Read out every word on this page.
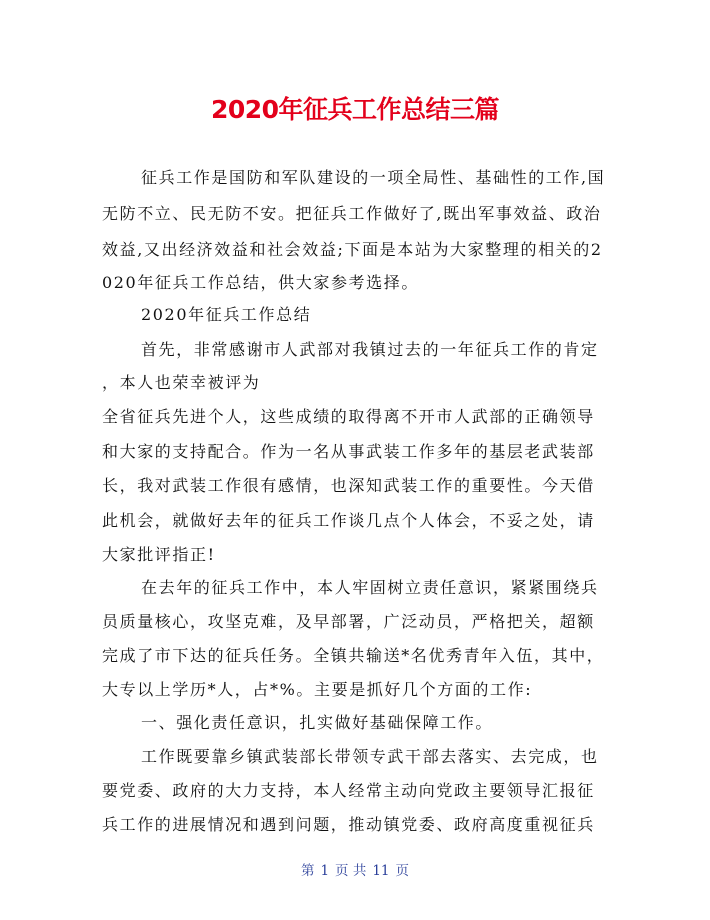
2020年征兵工作总结三篇
征兵工作是国防和军队建设的一项全局性、基础性的工作,国
无防不立、民无防不安。把征兵工作做好了,既出军事效益、政治
效益,又出经济效益和社会效益;下面是本站为大家整理的相关的2
020年征兵工作总结，供大家参考选择。
2020年征兵工作总结
首先，非常感谢市人武部对我镇过去的一年征兵工作的肯定
，本人也荣幸被评为
全省征兵先进个人，这些成绩的取得离不开市人武部的正确领导
和大家的支持配合。作为一名从事武装工作多年的基层老武装部
长，我对武装工作很有感情，也深知武装工作的重要性。今天借
此机会，就做好去年的征兵工作谈几点个人体会，不妥之处，请
大家批评指正!
在去年的征兵工作中，本人牢固树立责任意识，紧紧围绕兵
员质量核心，攻坚克难，及早部署，广泛动员，严格把关，超额
完成了市下达的征兵任务。全镇共输送*名优秀青年入伍，其中，
大专以上学历*人，占*%。主要是抓好几个方面的工作:
一、强化责任意识，扎实做好基础保障工作。
工作既要靠乡镇武装部长带领专武干部去落实、去完成，也
要党委、政府的大力支持，本人经常主动向党政主要领导汇报征
兵工作的进展情况和遇到问题，推动镇党委、政府高度重视征兵
第 1 页 共 11 页
